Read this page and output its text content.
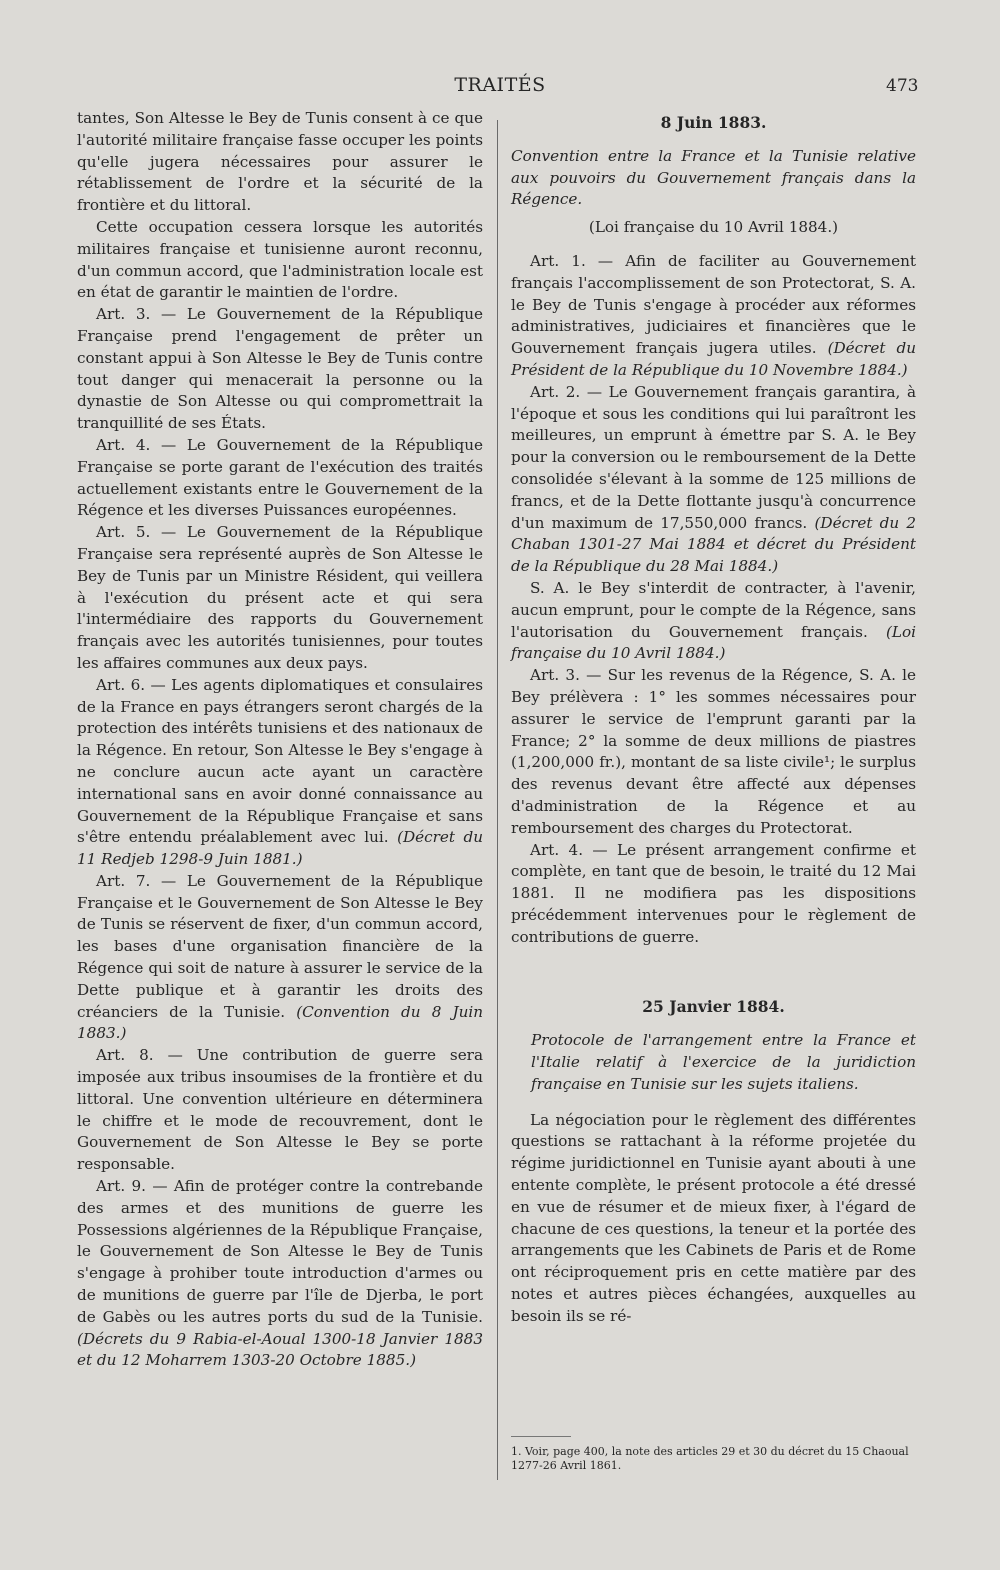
TRAITÉS	473

tantes, Son Altesse le Bey de Tunis consent à ce que l'autorité militaire française fasse occuper les points qu'elle jugera nécessaires pour assurer le rétablissement de l'ordre et la sécurité de la frontière et du littoral.

Cette occupation cessera lorsque les autorités militaires française et tunisienne auront reconnu, d'un commun accord, que l'administration locale est en état de garantir le maintien de l'ordre.

Art. 3. — Le Gouvernement de la République Française prend l'engagement de prêter un constant appui à Son Altesse le Bey de Tunis contre tout danger qui menacerait la personne ou la dynastie de Son Altesse ou qui compromettrait la tranquillité de ses États.

Art. 4. — Le Gouvernement de la République Française se porte garant de l'exécution des traités actuellement existants entre le Gouvernement de la Régence et les diverses Puissances européennes.

Art. 5. — Le Gouvernement de la République Française sera représenté auprès de Son Altesse le Bey de Tunis par un Ministre Résident, qui veillera à l'exécution du présent acte et qui sera l'intermédiaire des rapports du Gouvernement français avec les autorités tunisiennes, pour toutes les affaires communes aux deux pays.

Art. 6. — Les agents diplomatiques et consulaires de la France en pays étrangers seront chargés de la protection des intérêts tunisiens et des nationaux de la Régence. En retour, Son Altesse le Bey s'engage à ne conclure aucun acte ayant un caractère international sans en avoir donné connaissance au Gouvernement de la République Française et sans s'être entendu préalablement avec lui. (Décret du 11 Redjeb 1298-9 Juin 1881.)

Art. 7. — Le Gouvernement de la République Française et le Gouvernement de Son Altesse le Bey de Tunis se réservent de fixer, d'un commun accord, les bases d'une organisation financière de la Régence qui soit de nature à assurer le service de la Dette publique et à garantir les droits des créanciers de la Tunisie. (Convention du 8 Juin 1883.)

Art. 8. — Une contribution de guerre sera imposée aux tribus insoumises de la frontière et du littoral. Une convention ultérieure en déterminera le chiffre et le mode de recouvrement, dont le Gouvernement de Son Altesse le Bey se porte responsable.

Art. 9. — Afin de protéger contre la contrebande des armes et des munitions de guerre les Possessions algériennes de la République Française, le Gouvernement de Son Altesse le Bey de Tunis s'engage à prohiber toute introduction d'armes ou de munitions de guerre par l'île de Djerba, le port de Gabès ou les autres ports du sud de la Tunisie. (Décrets du 9 Rabia-el-Aoual 1300-18 Janvier 1883 et du 12 Moharrem 1303-20 Octobre 1885.)

8 Juin 1883.
Convention entre la France et la Tunisie relative aux pouvoirs du Gouvernement français dans la Régence.
(Loi française du 10 Avril 1884.)

Art. 1. — Afin de faciliter au Gouvernement français l'accomplissement de son Protectorat, S. A. le Bey de Tunis s'engage à procéder aux réformes administratives, judiciaires et financières que le Gouvernement français jugera utiles. (Décret du Président de la République du 10 Novembre 1884.)

Art. 2. — Le Gouvernement français garantira, à l'époque et sous les conditions qui lui paraîtront les meilleures, un emprunt à émettre par S. A. le Bey pour la conversion ou le remboursement de la Dette consolidée s'élevant à la somme de 125 millions de francs, et de la Dette flottante jusqu'à concurrence d'un maximum de 17,550,000 francs. (Décret du 2 Chaban 1301-27 Mai 1884 et décret du Président de la République du 28 Mai 1884.)

S. A. le Bey s'interdit de contracter, à l'avenir, aucun emprunt, pour le compte de la Régence, sans l'autorisation du Gouvernement français. (Loi française du 10 Avril 1884.)

Art. 3. — Sur les revenus de la Régence, S. A. le Bey prélèvera : 1° les sommes nécessaires pour assurer le service de l'emprunt garanti par la France; 2° la somme de deux millions de piastres (1,200,000 fr.), montant de sa liste civile¹; le surplus des revenus devant être affecté aux dépenses d'administration de la Régence et au remboursement des charges du Protectorat.

Art. 4. — Le présent arrangement confirme et complète, en tant que de besoin, le traité du 12 Mai 1881. Il ne modifiera pas les dispositions précédemment intervenues pour le règlement de contributions de guerre.

25 Janvier 1884.
Protocole de l'arrangement entre la France et l'Italie relatif à l'exercice de la juridiction française en Tunisie sur les sujets italiens.

La négociation pour le règlement des différentes questions se rattachant à la réforme projetée du régime juridictionnel en Tunisie ayant abouti à une entente complète, le présent protocole a été dressé en vue de résumer et de mieux fixer, à l'égard de chacune de ces questions, la teneur et la portée des arrangements que les Cabinets de Paris et de Rome ont réciproquement pris en cette matière par des notes et autres pièces échangées, auxquelles au besoin ils se ré-

1. Voir, page 400, la note des articles 29 et 30 du décret du 15 Chaoual 1277-26 Avril 1861.
